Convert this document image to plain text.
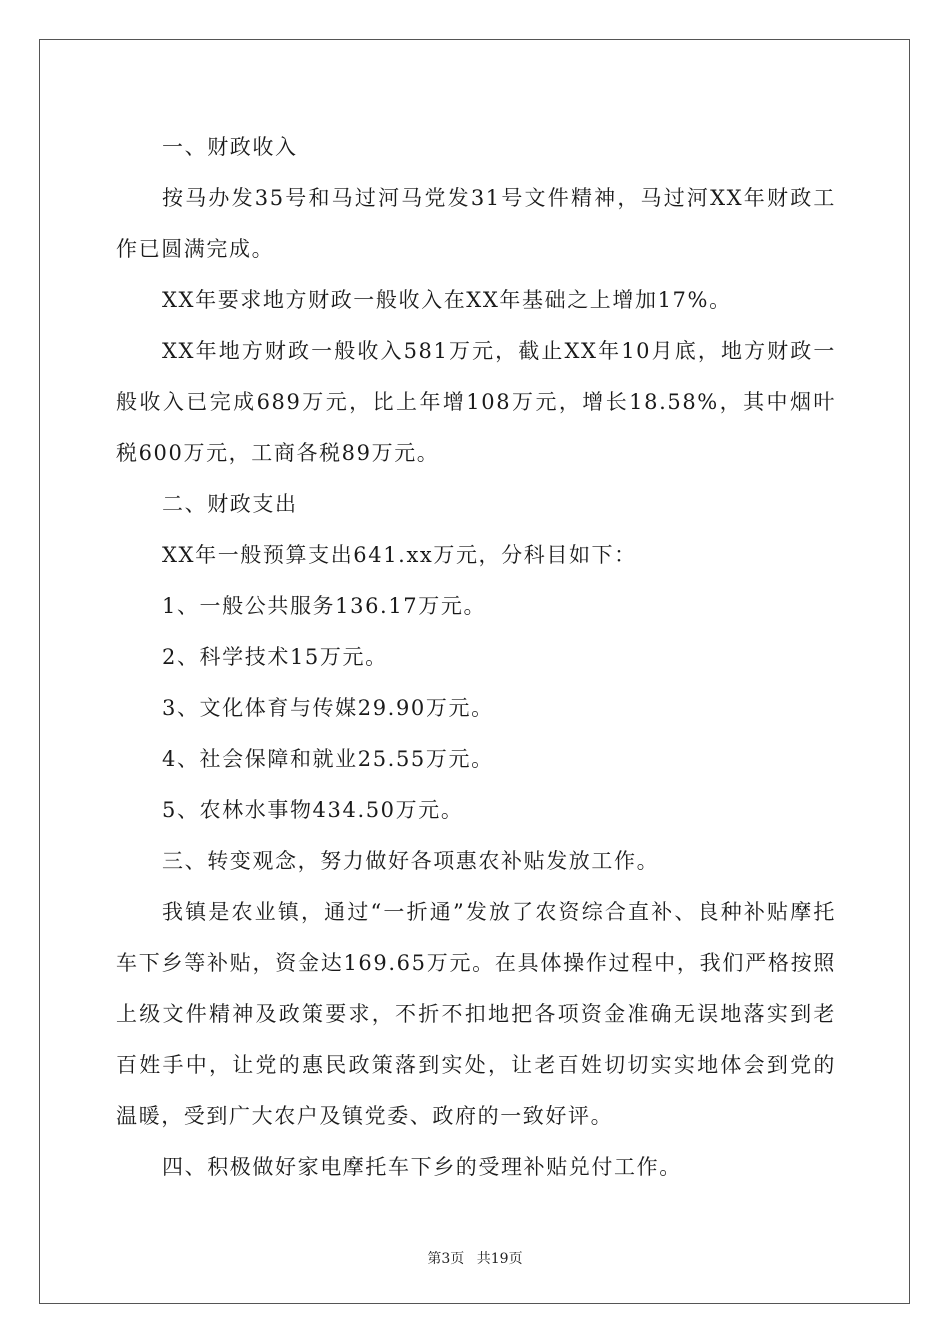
一、财政收入

按马办发35号和马过河马党发31号文件精神，马过河XX年财政工作已圆满完成。

XX年要求地方财政一般收入在XX年基础之上增加17%。

XX年地方财政一般收入581万元，截止XX年10月底，地方财政一般收入已完成689万元，比上年增108万元，增长18.58%，其中烟叶税600万元，工商各税89万元。

二、财政支出

XX年一般预算支出641.xx万元，分科目如下：

1、一般公共服务136.17万元。

2、科学技术15万元。

3、文化体育与传媒29.90万元。

4、社会保障和就业25.55万元。

5、农林水事物434.50万元。

三、转变观念，努力做好各项惠农补贴发放工作。

我镇是农业镇，通过“一折通”发放了农资综合直补、良种补贴摩托车下乡等补贴，资金达169.65万元。在具体操作过程中，我们严格按照上级文件精神及政策要求，不折不扣地把各项资金准确无误地落实到老百姓手中，让党的惠民政策落到实处，让老百姓切切实实地体会到党的温暖，受到广大农户及镇党委、政府的一致好评。

四、积极做好家电摩托车下乡的受理补贴兑付工作。

第3页 共19页
